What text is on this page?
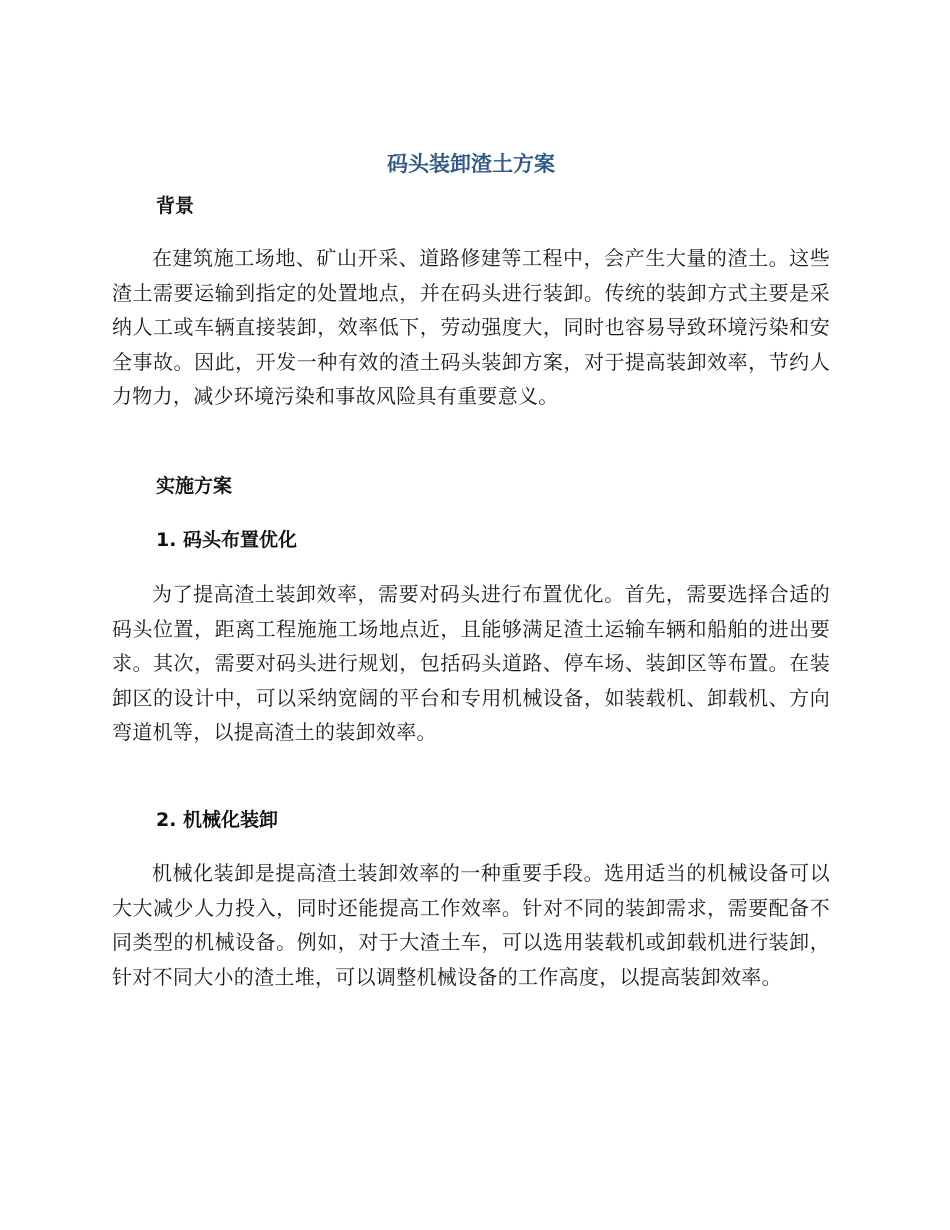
码头装卸渣土方案
背景

在建筑施工场地、矿山开采、道路修建等工程中，会产生大量的渣土。这些渣土需要运输到指定的处置地点，并在码头进行装卸。传统的装卸方式主要是采纳人工或车辆直接装卸，效率低下，劳动强度大，同时也容易导致环境污染和安全事故。因此，开发一种有效的渣土码头装卸方案，对于提高装卸效率，节约人力物力，减少环境污染和事故风险具有重要意义。

实施方案
1. 码头布置优化

为了提高渣土装卸效率，需要对码头进行布置优化。首先，需要选择合适的码头位置，距离工程施施工场地点近，且能够满足渣土运输车辆和船舶的进出要求。其次，需要对码头进行规划，包括码头道路、停车场、装卸区等布置。在装卸区的设计中，可以采纳宽阔的平台和专用机械设备，如装载机、卸载机、方向弯道机等，以提高渣土的装卸效率。

2. 机械化装卸

机械化装卸是提高渣土装卸效率的一种重要手段。选用适当的机械设备可以大大减少人力投入，同时还能提高工作效率。针对不同的装卸需求，需要配备不同类型的机械设备。例如，对于大渣土车，可以选用装载机或卸载机进行装卸，针对不同大小的渣土堆，可以调整机械设备的工作高度，以提高装卸效率。
